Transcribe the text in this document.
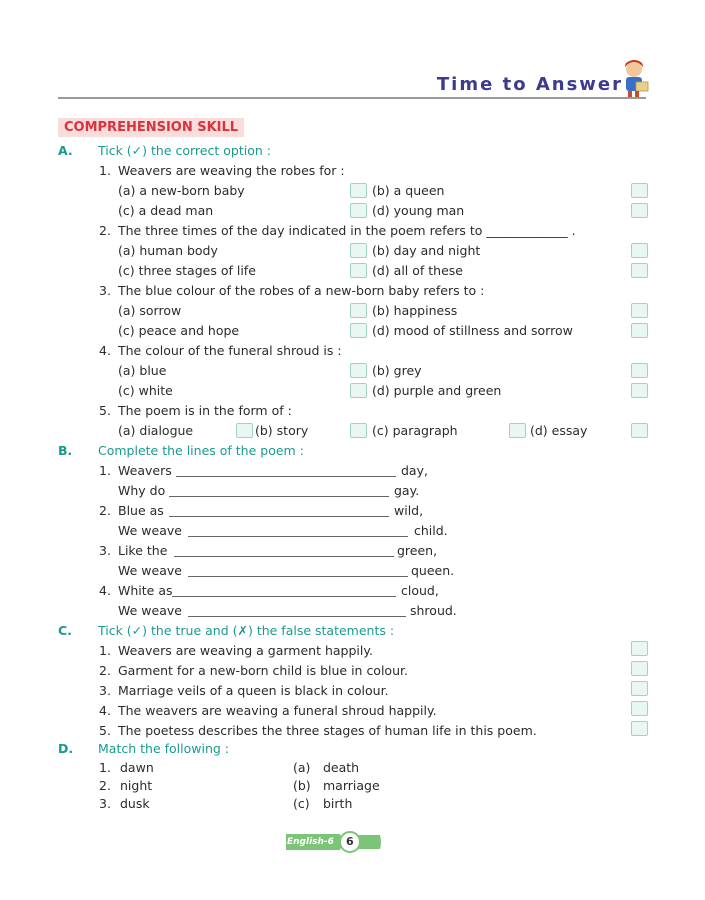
Time to Answer
COMPREHENSION SKILL
A. Tick (✓) the correct option :
1. Weavers are weaving the robes for :
(a) a new-born baby	(b) a queen
(c) a dead man	(d) young man
2. The three times of the day indicated in the poem refers to _____________ .
(a) human body	(b) day and night
(c) three stages of life	(d) all of these
3. The blue colour of the robes of a new-born baby refers to :
(a) sorrow	(b) happiness
(c) peace and hope	(d) mood of stillness and sorrow
4. The colour of the funeral shroud is :
(a) blue	(b) grey
(c) white	(d) purple and green
5. The poem is in the form of :
(a) dialogue	(b) story	(c) paragraph	(d) essay
B. Complete the lines of the poem :
1. Weavers	day,
Why do	gay.
2. Blue as	wild,
We weave	child.
3. Like the	green,
We weave	queen.
4. White as	cloud,
We weave	shroud.
C. Tick (✓) the true and (✗) the false statements :
1. Weavers are weaving a garment happily.
2. Garment for a new-born child is blue in colour.
3. Marriage veils of a queen is black in colour.
4. The weavers are weaving a funeral shroud happily.
5. The poetess describes the three stages of human life in this poem.
D. Match the following :
1. dawn	(a) death
2. night	(b) marriage
3. dusk	(c) birth
English-6 6
